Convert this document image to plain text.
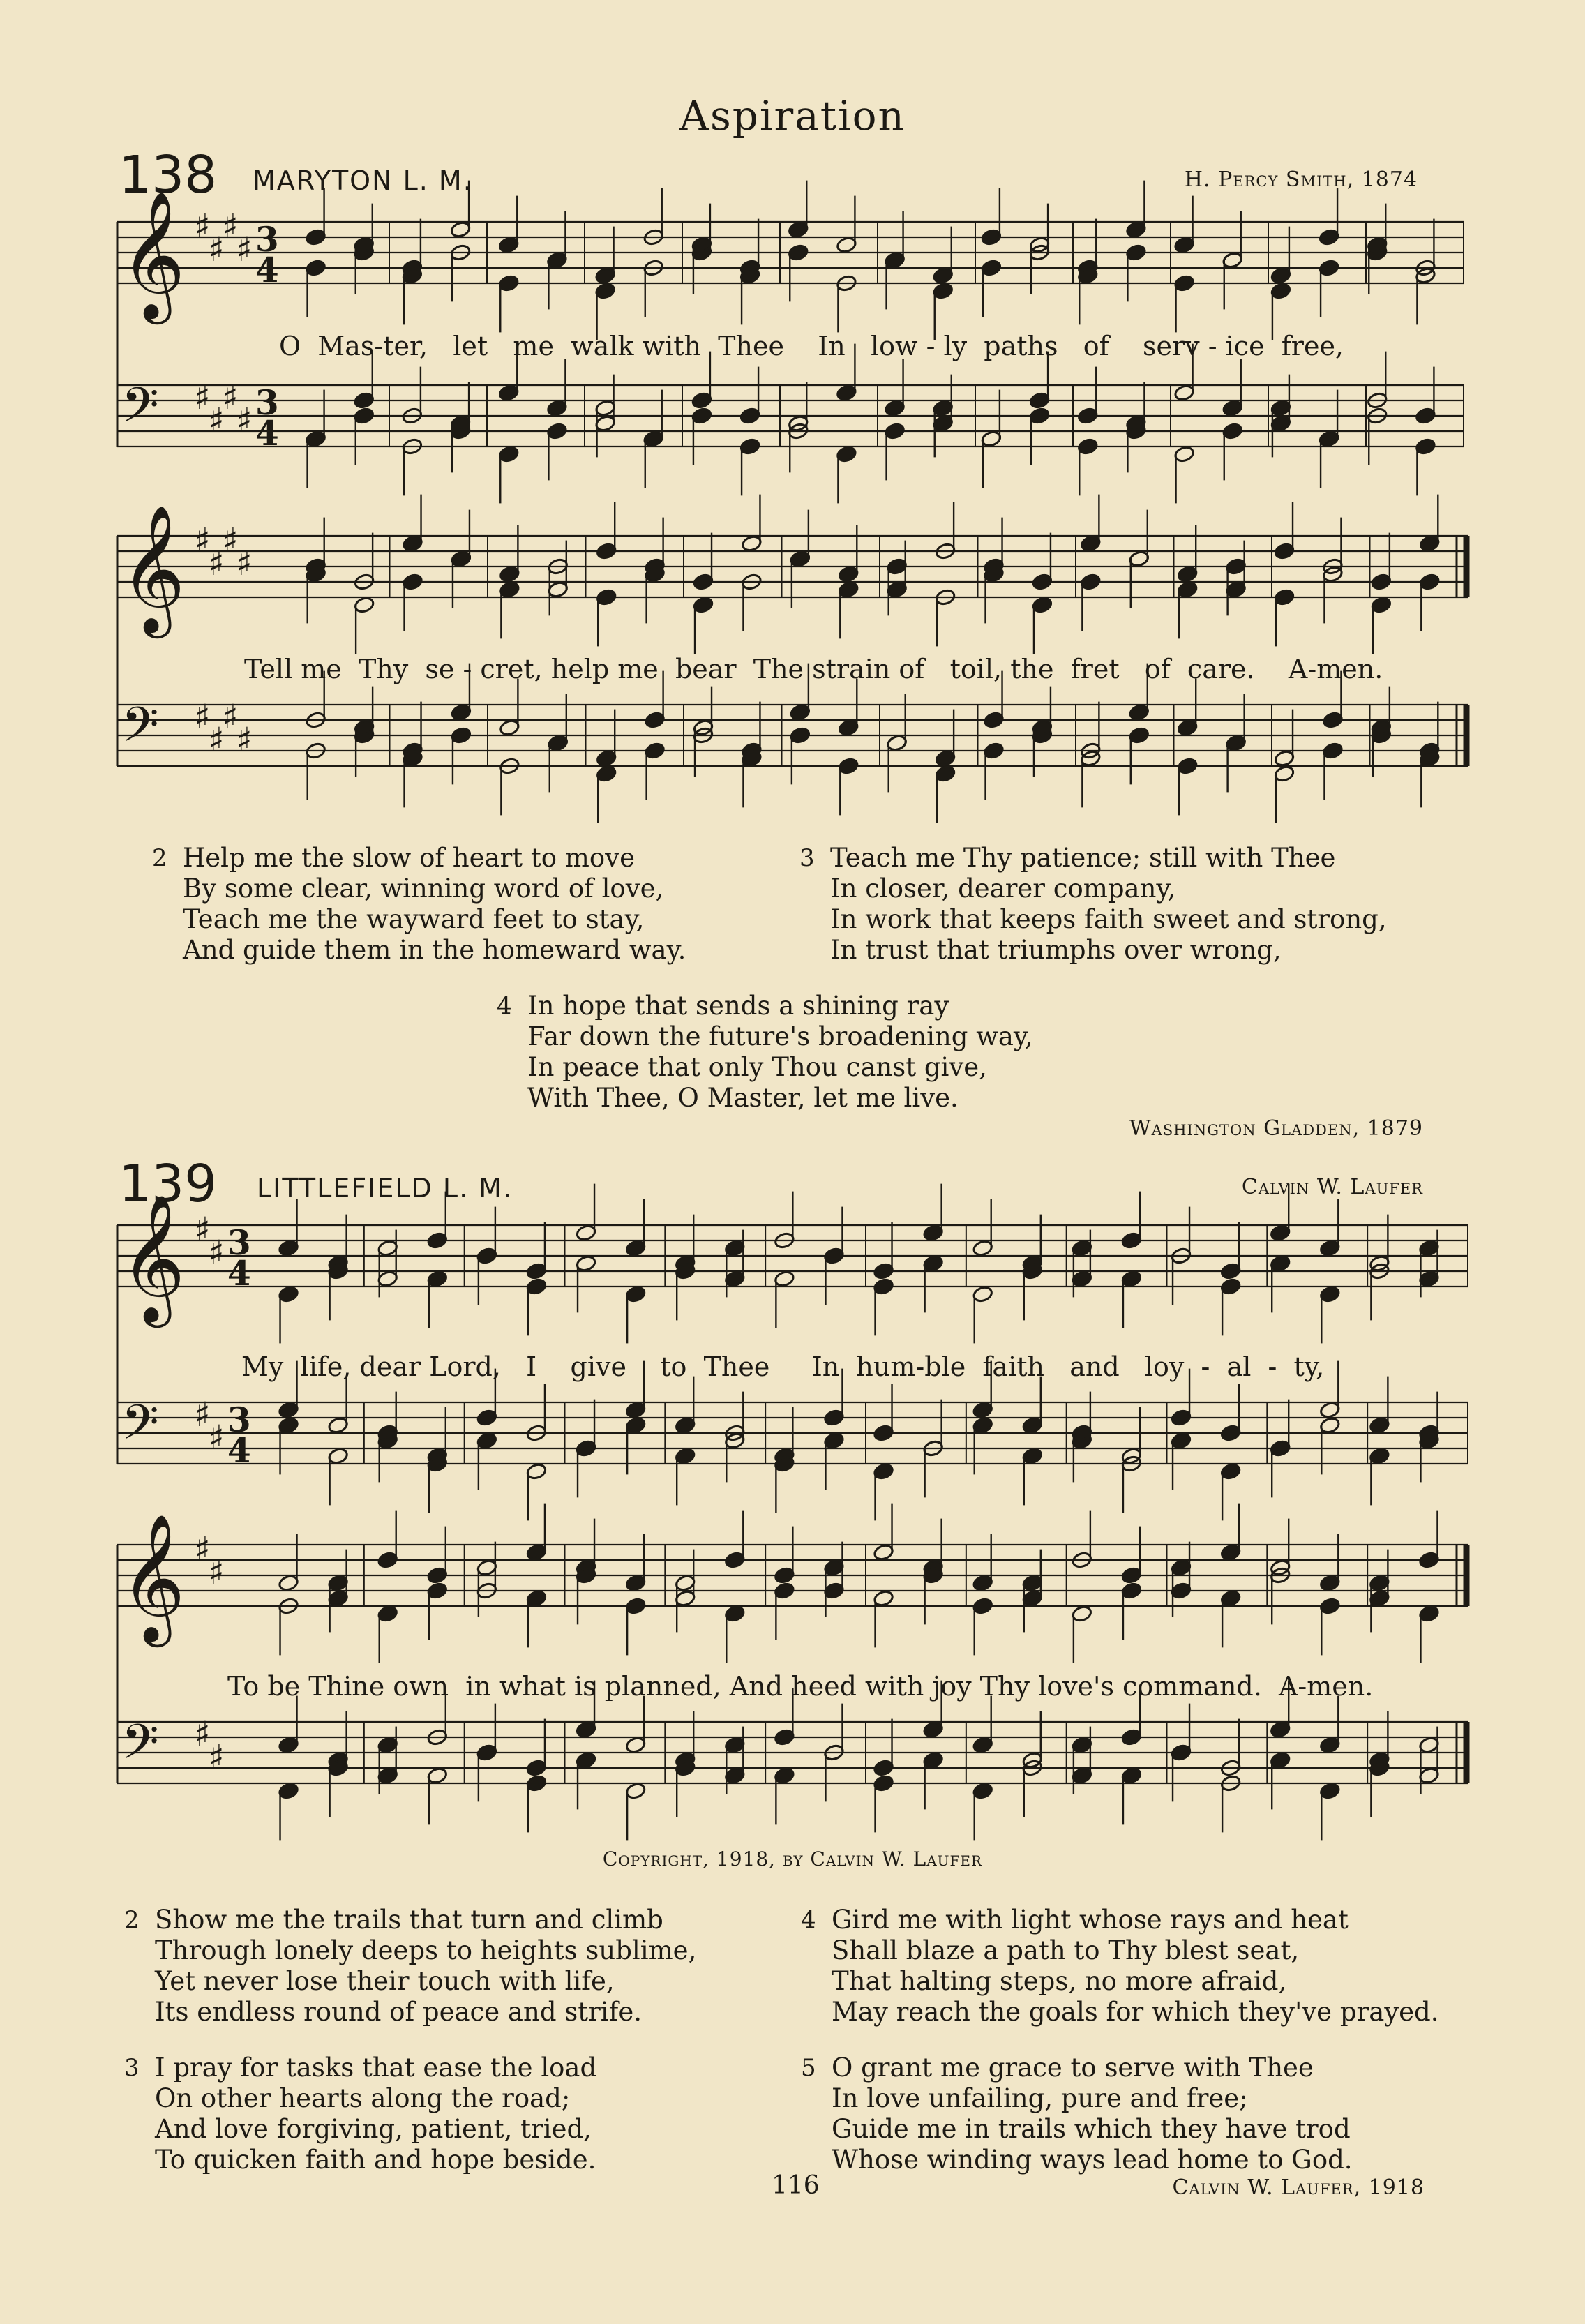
Aspiration
138 MARYTON L. M.	H. Percy Smith, 1874
𝄞
𝄢
♯
♯
♯
♯
♯
♯
♯
♯
3
4
3
4
𝄞
𝄢
♯
♯
♯
♯
♯
♯
♯
♯
𝄞
𝄢
♯
♯
♯
♯
3
4
3
4
𝄞
𝄢
♯
♯
♯
♯
O  Mas-ter,   let   me  walk with  Thee    In   low - ly  paths   of    serv - ice  free,
Tell me  Thy  se - cret, help me  bear  The strain of   toil, the  fret   of  care.    A-men.
2 Help me the slow of heart to move
By some clear, winning word of love,
Teach me the wayward feet to stay,
And guide them in the homeward way.
3 Teach me Thy patience; still with Thee
In closer, dearer company,
In work that keeps faith sweet and strong,
In trust that triumphs over wrong,
4 In hope that sends a shining ray
Far down the future's broadening way,
In peace that only Thou canst give,
With Thee, O Master, let me live.
Washington Gladden, 1879
139 LITTLEFIELD L. M.	Calvin W. Laufer
My  life, dear Lord,   I    give    to  Thee     In  hum-ble  faith   and   loy  -  al  -  ty,
To be Thine own  in what is planned, And heed with joy Thy love's command.  A-men.
Copyright, 1918, by Calvin W. Laufer
2 Show me the trails that turn and climb
Through lonely deeps to heights sublime,
Yet never lose their touch with life,
Its endless round of peace and strife.
4 Gird me with light whose rays and heat
Shall blaze a path to Thy blest seat,
That halting steps, no more afraid,
May reach the goals for which they've prayed.
3 I pray for tasks that ease the load
On other hearts along the road;
And love forgiving, patient, tried,
To quicken faith and hope beside.
5 O grant me grace to serve with Thee
In love unfailing, pure and free;
Guide me in trails which they have trod
Whose winding ways lead home to God.
116	Calvin W. Laufer, 1918
